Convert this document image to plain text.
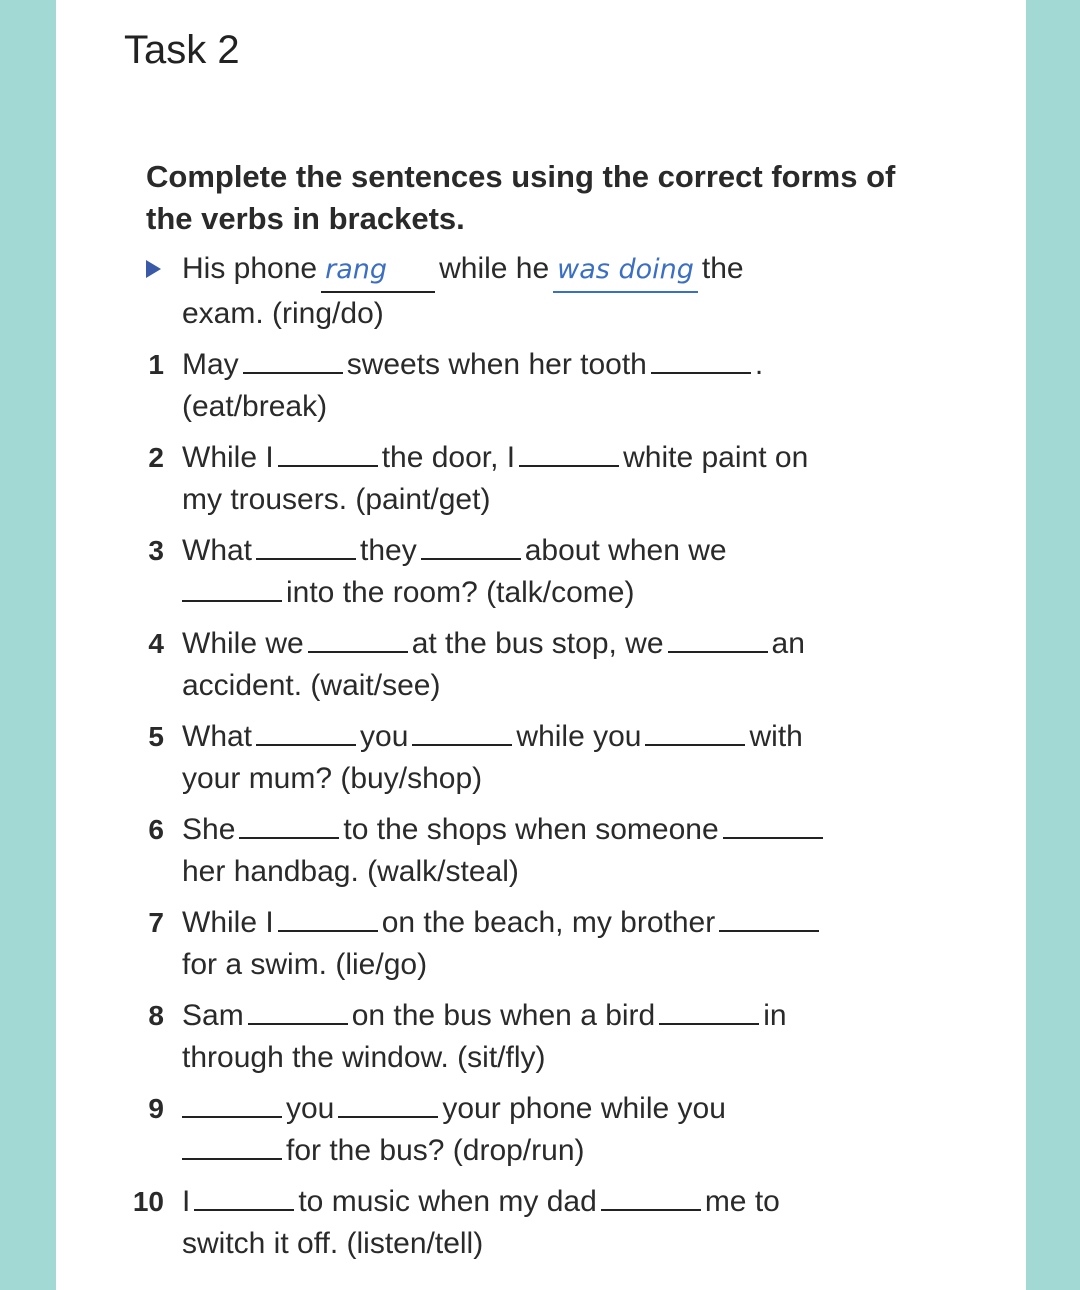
Task 2
Complete the sentences using the correct forms of the verbs in brackets.
His phone rang while he was doing the
exam. (ring/do)
1 May	sweets when her tooth	.
(eat/break)
2 While I	the door, I	white paint on
my trousers. (paint/get)
3 What	they	about when we
into the room? (talk/come)
4 While we	at the bus stop, we	an
accident. (wait/see)
5 What	you	while you	with
your mum? (buy/shop)
6 She	to the shops when someone
her handbag. (walk/steal)
7 While I	on the beach, my brother
for a swim. (lie/go)
8 Sam	on the bus when a bird	in
through the window. (sit/fly)
9	you	your phone while you
for the bus? (drop/run)
10 I	to music when my dad	me to
switch it off. (listen/tell)
